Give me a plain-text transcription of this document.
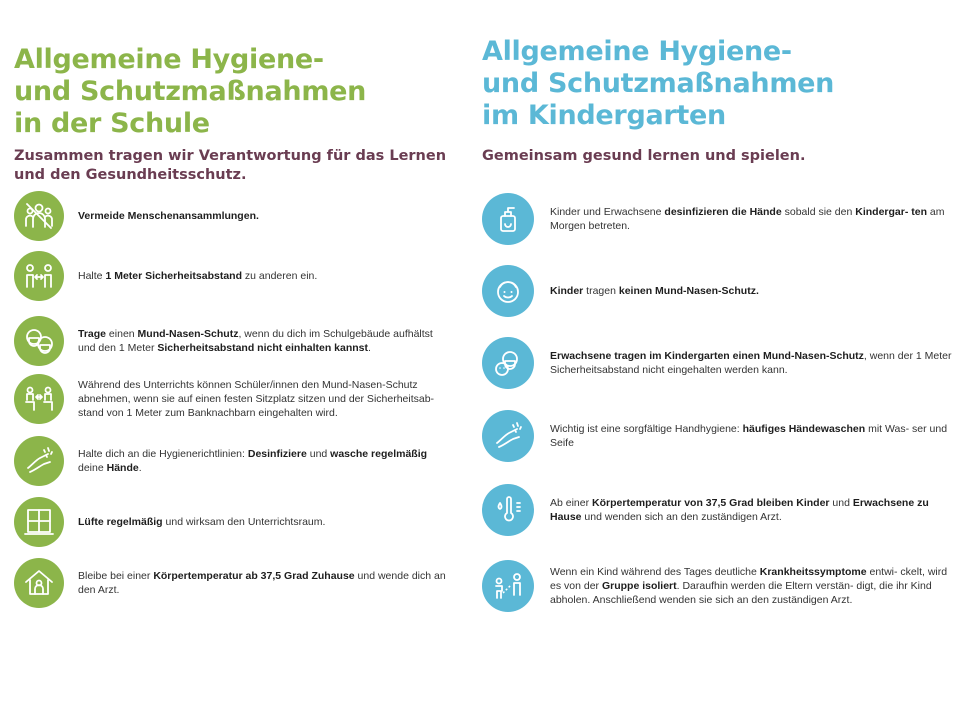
Allgemeine Hygiene-
und Schutzmaßnahmen
in der Schule

Zusammen tragen wir Verantwortung für das Lernen und den Gesundheitsschutz.

Vermeide Menschenansammlungen.
Halte 1 Meter Sicherheitsabstand zu anderen ein.
Trage einen Mund-Nasen-Schutz, wenn du dich im Schulgebäude aufhältst und den 1 Meter Sicherheitsabstand nicht einhalten kannst.
Während des Unterrichts können Schüler/innen den Mund-Nasen-Schutz abnehmen, wenn sie auf einen festen Sitzplatz sitzen und der Sicherheitsab- stand von 1 Meter zum Banknachbarn eingehalten wird.
Halte dich an die Hygienerichtlinien: Desinfiziere und wasche regelmäßig deine Hände.
Lüfte regelmäßig und wirksam den Unterrichtsraum.
Bleibe bei einer Körpertemperatur ab 37,5 Grad Zuhause und wende dich an den Arzt.
Allgemeine Hygiene-
und Schutzmaßnahmen
im Kindergarten

Gemeinsam gesund lernen und spielen.

Kinder und Erwachsene desinfizieren die Hände sobald sie den Kindergar- ten am Morgen betreten.
Kinder tragen keinen Mund-Nasen-Schutz.
Erwachsene tragen im Kindergarten einen Mund-Nasen-Schutz, wenn der 1 Meter Sicherheitsabstand nicht eingehalten werden kann.
Wichtig ist eine sorgfältige Handhygiene: häufiges Händewaschen mit Was- ser und Seife
Ab einer Körpertemperatur von 37,5 Grad bleiben Kinder und Erwachsene zu Hause und wenden sich an den zuständigen Arzt.
Wenn ein Kind während des Tages deutliche Krankheitssymptome entwi- ckelt, wird es von der Gruppe isoliert. Daraufhin werden die Eltern verstän- digt, die ihr Kind abholen. Anschließend wenden sie sich an den zuständigen Arzt.
